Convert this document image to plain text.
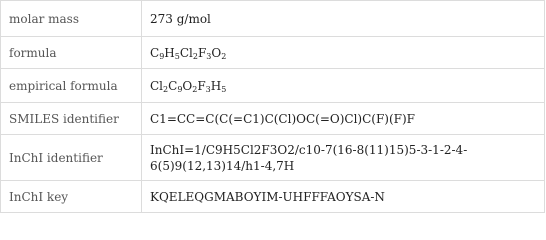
molar mass	273 g/mol
formula	$C_9H_5Cl_2F_3O_2$
empirical formula	$Cl_2C_9O_2F_3H_5$
SMILES identifier	C1=CC=C(C(=C1)C(Cl)OC(=O)Cl)C(F)(F)F
InChI identifier	InChI=1/C9H5Cl2F3O2/c10-7(16-8(11)15)5-3-1-2-4-6(5)9(12,13)14/h1-4,7H
InChI key	KQELEQGMABOYIM-UHFFFAOYSA-N
